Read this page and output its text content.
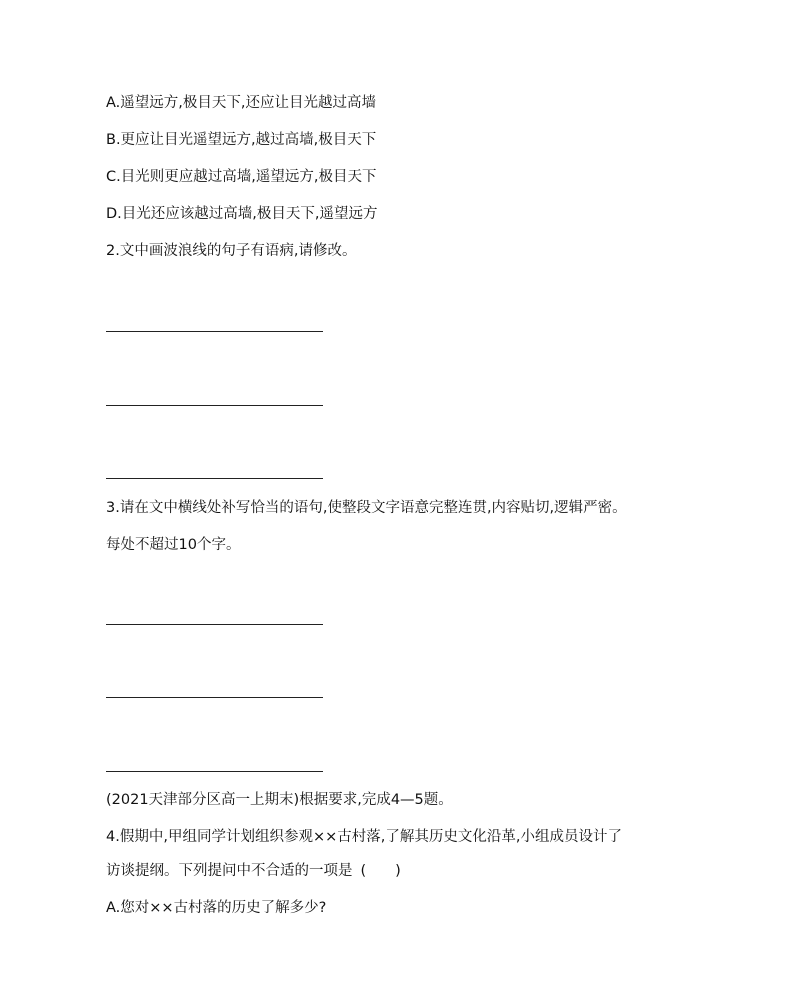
A.遥望远方,极目天下,还应让目光越过高墙
B.更应让目光遥望远方,越过高墙,极目天下
C.目光则更应越过高墙,遥望远方,极目天下
D.目光还应该越过高墙,极目天下,遥望远方
2.文中画波浪线的句子有语病,请修改。
3.请在文中横线处补写恰当的语句,使整段文字语意完整连贯,内容贴切,逻辑严密。
每处不超过10个字。
(2021天津部分区高一上期末)根据要求,完成4—5题。
4.假期中,甲组同学计划组织参观××古村落,了解其历史文化沿革,小组成员设计了
访谈提纲。下列提问中不合适的一项是 (　　)
A.您对××古村落的历史了解多少?
